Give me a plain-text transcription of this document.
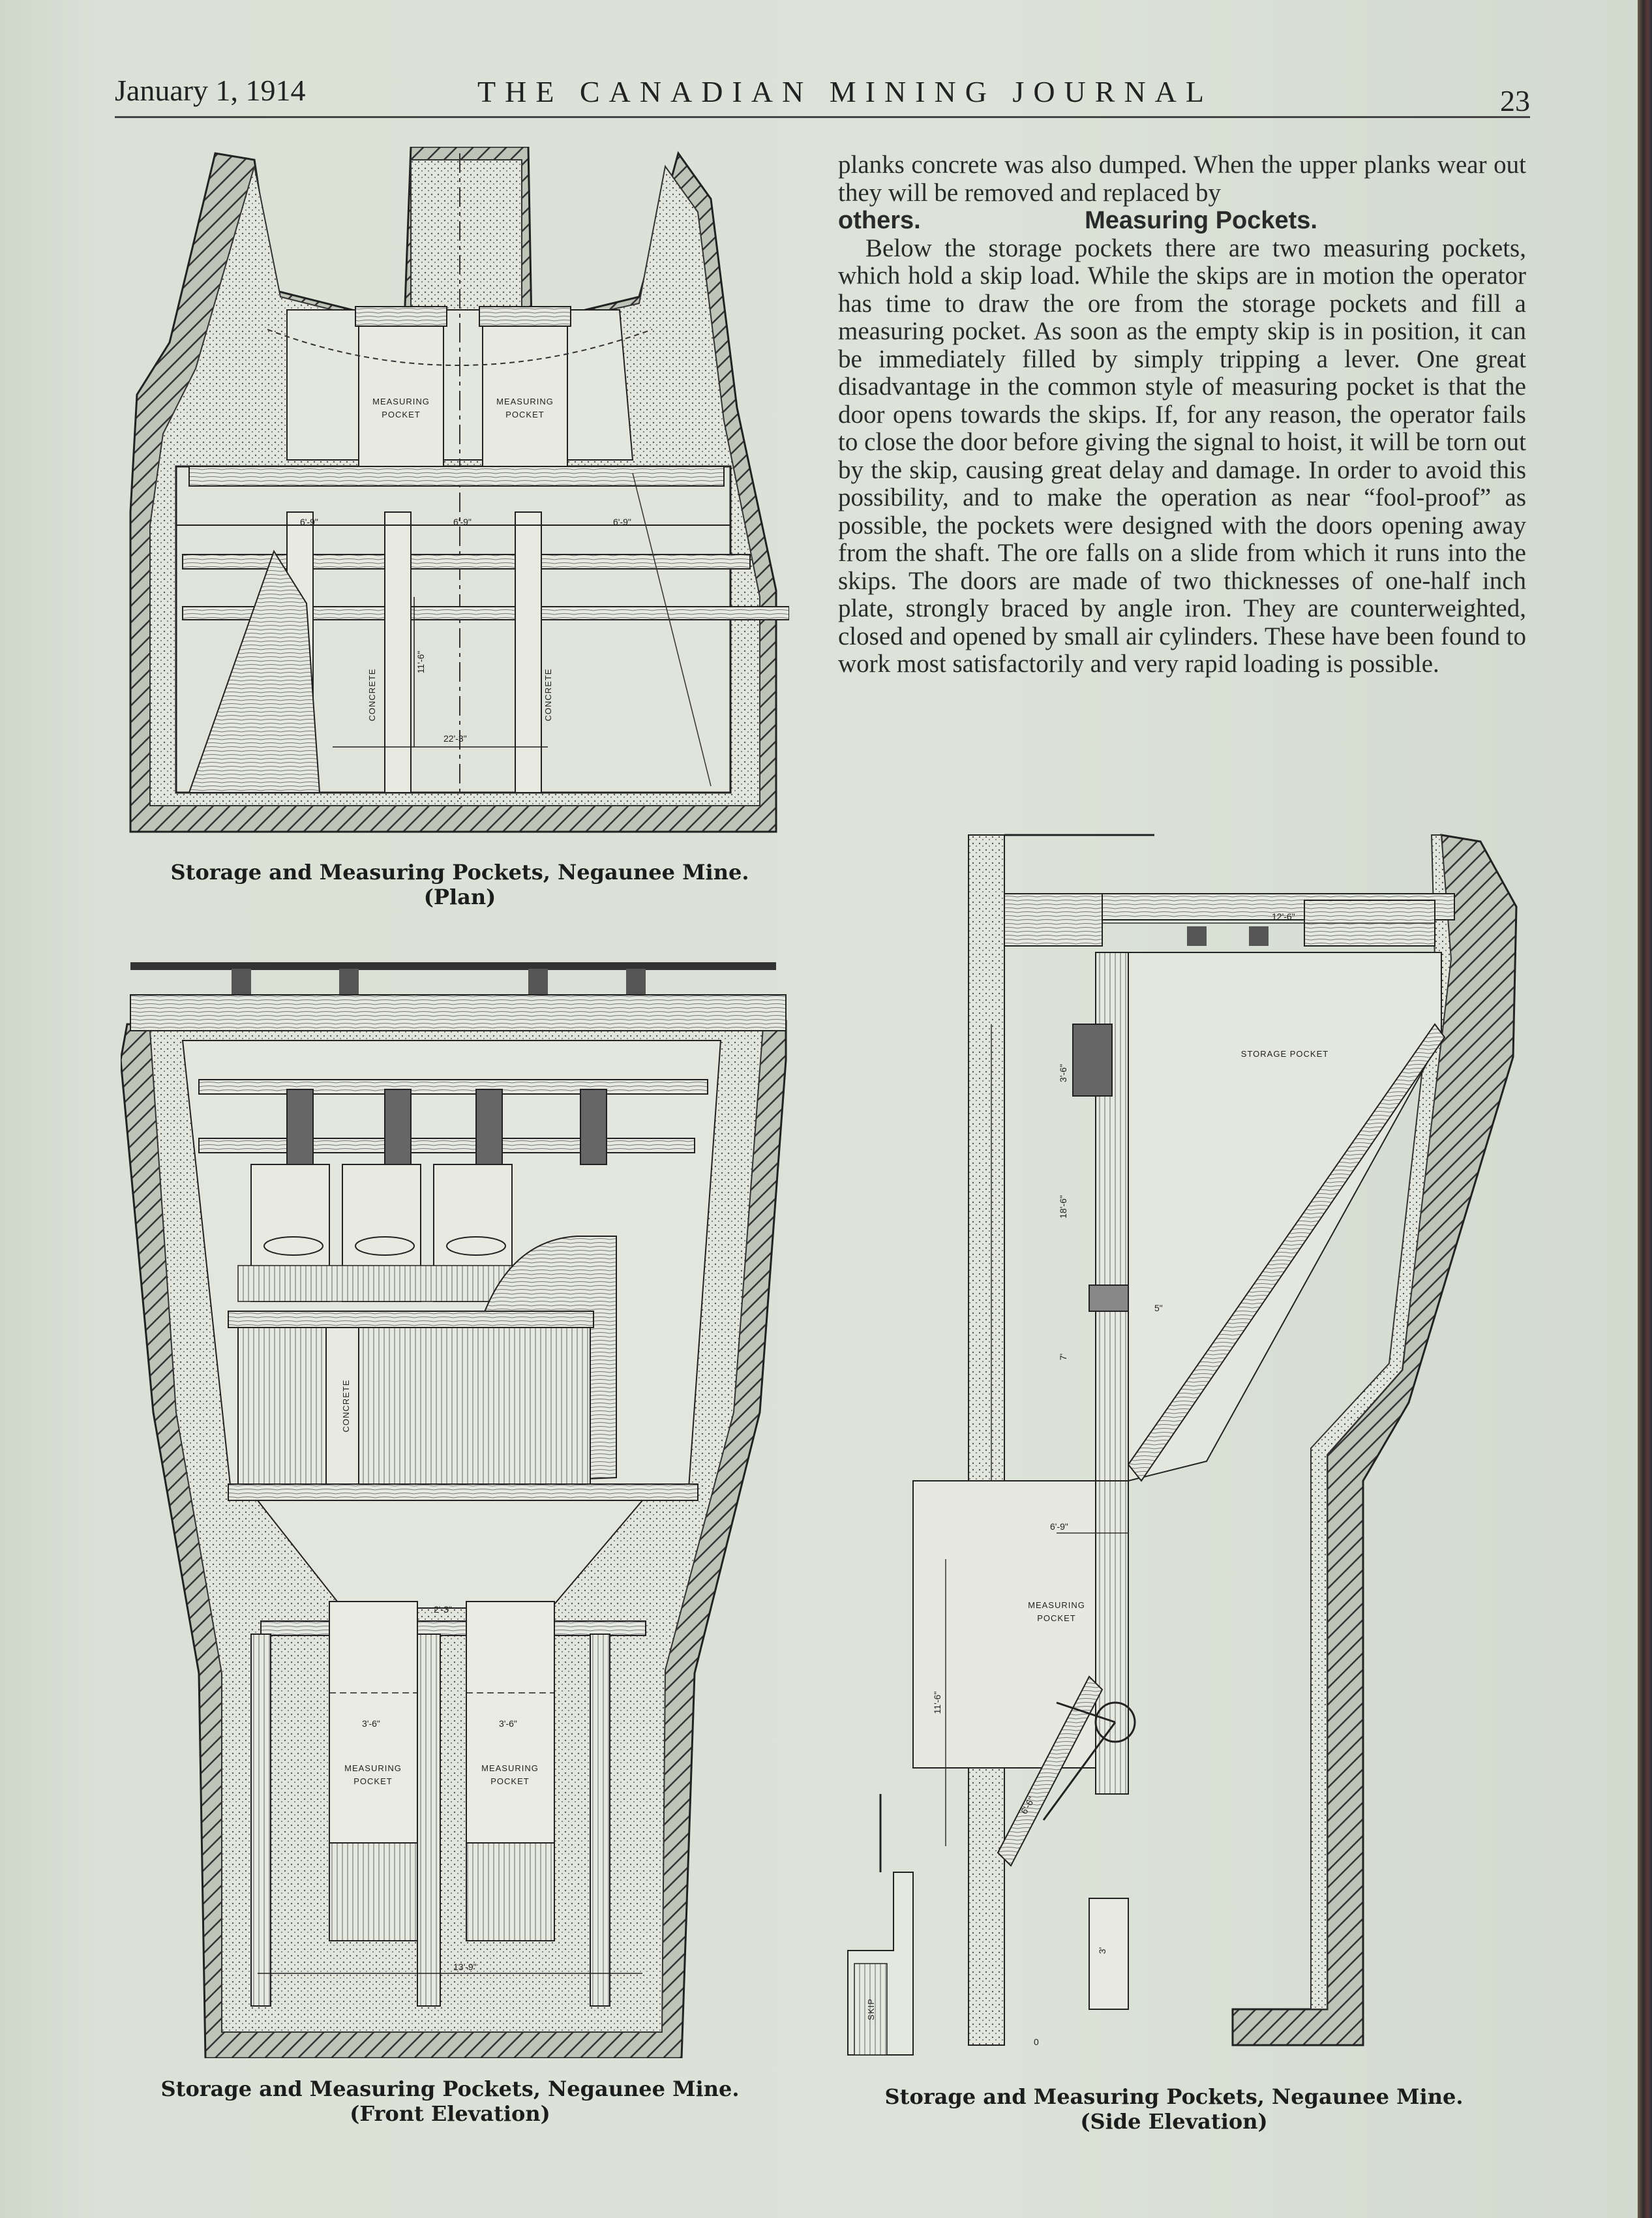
January 1, 1914	THE CANADIAN MINING JOURNAL	23

planks concrete was also dumped. When the upper planks wear out they will be removed and replaced by

others.	Measuring Pockets.

Below the storage pockets there are two measuring pockets, which hold a skip load. While the skips are in motion the operator has time to draw the ore from the storage pockets and fill a measuring pocket. As soon as the empty skip is in position, it can be immediately filled by simply tripping a lever. One great disadvantage in the common style of measuring pocket is that the door opens towards the skips. If, for any reason, the operator fails to close the door before giving the signal to hoist, it will be torn out by the skip, causing great delay and damage. In order to avoid this possibility, and to make the operation as near “fool-proof” as possible, the pockets were designed with the doors opening away from the shaft. The ore falls on a slide from which it runs into the skips. The doors are made of two thicknesses of one-half inch plate, strongly braced by angle iron. They are counterweighted, closed and opened by small air cylinders. These have been found to work most satisfactorily and very rapid loading is possible.

MEASURING
POCKET
MEASURING
POCKET
6'-9"	6'-9"	6'-9"
CONCRETE	CONCRETE
11'-6"
22'-3"
Storage and Measuring Pockets, Negaunee Mine.
(Plan)
CONCRETE
2'-3"
3'-6"	3'-6"
MEASURING
POCKET
MEASURING
POCKET
13'-9"
Storage and Measuring Pockets, Negaunee Mine.
(Front Elevation)
12'-6"
STORAGE POCKET
3'-6"
18'-6"
7'
5"
6'-9"
MEASURING
POCKET
11'-6"
6'-6"
3'
SKIP
0
Storage and Measuring Pockets, Negaunee Mine.
(Side Elevation)
